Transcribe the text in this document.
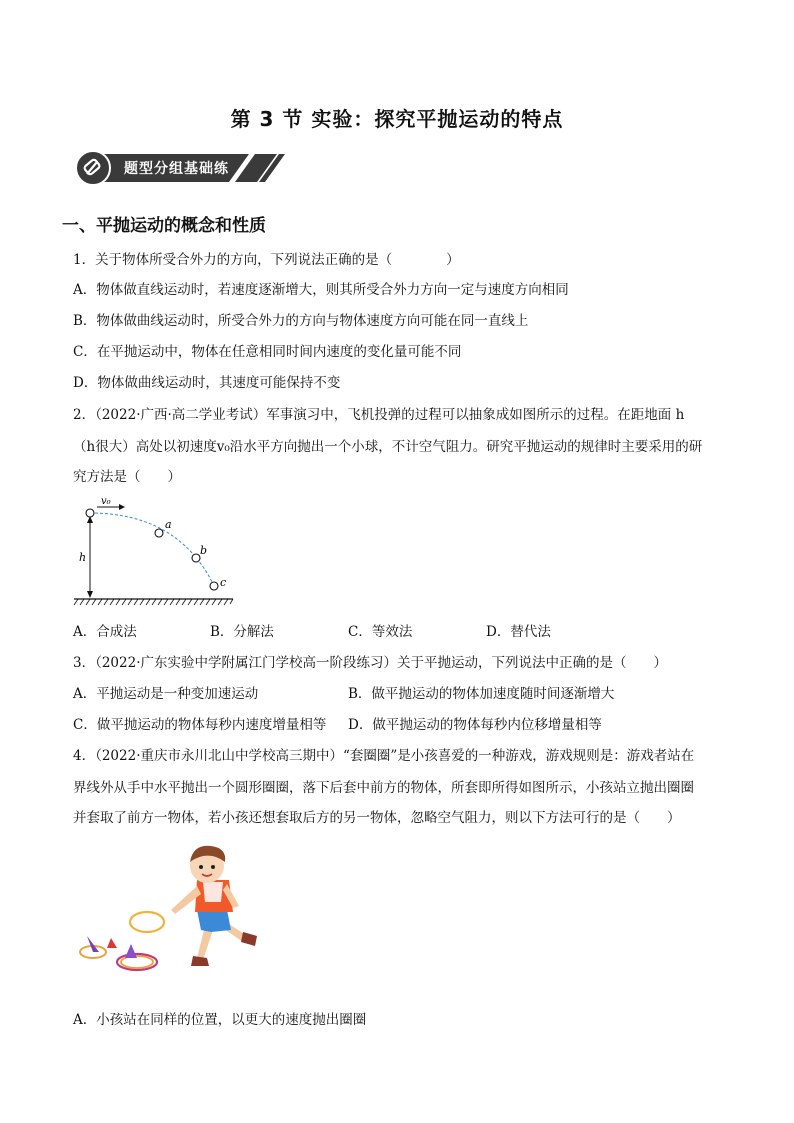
第 3 节 实验：探究平抛运动的特点
题型分组基础练
一、平抛运动的概念和性质
1．关于物体所受合外力的方向，下列说法正确的是（　　　　）
A．物体做直线运动时，若速度逐渐增大，则其所受合外力方向一定与速度方向相同
B．物体做曲线运动时，所受合外力的方向与物体速度方向可能在同一直线上
C．在平抛运动中，物体在任意相同时间内速度的变化量可能不同
D．物体做曲线运动时，其速度可能保持不变
2．（2022·广西·高二学业考试）军事演习中，飞机投弹的过程可以抽象成如图所示的过程。在距地面 h
（h很大）高处以初速度v₀沿水平方向抛出一个小球，不计空气阻力。研究平抛运动的规律时主要采用的研
究方法是（　　）
v₀
h
a
b
c
A．合成法	B．分解法	C．等效法	D．替代法
3．（2022·广东实验中学附属江门学校高一阶段练习）关于平抛运动，下列说法中正确的是（　　）
A．平抛运动是一种变加速运动	B．做平抛运动的物体加速度随时间逐渐增大
C．做平抛运动的物体每秒内速度增量相等 D．做平抛运动的物体每秒内位移增量相等
4．（2022·重庆市永川北山中学校高三期中）“套圈圈”是小孩喜爱的一种游戏，游戏规则是：游戏者站在
界线外从手中水平抛出一个圆形圈圈，落下后套中前方的物体，所套即所得如图所示，小孩站立抛出圈圈
并套取了前方一物体，若小孩还想套取后方的另一物体，忽略空气阻力，则以下方法可行的是（　　）
A．小孩站在同样的位置，以更大的速度抛出圈圈
